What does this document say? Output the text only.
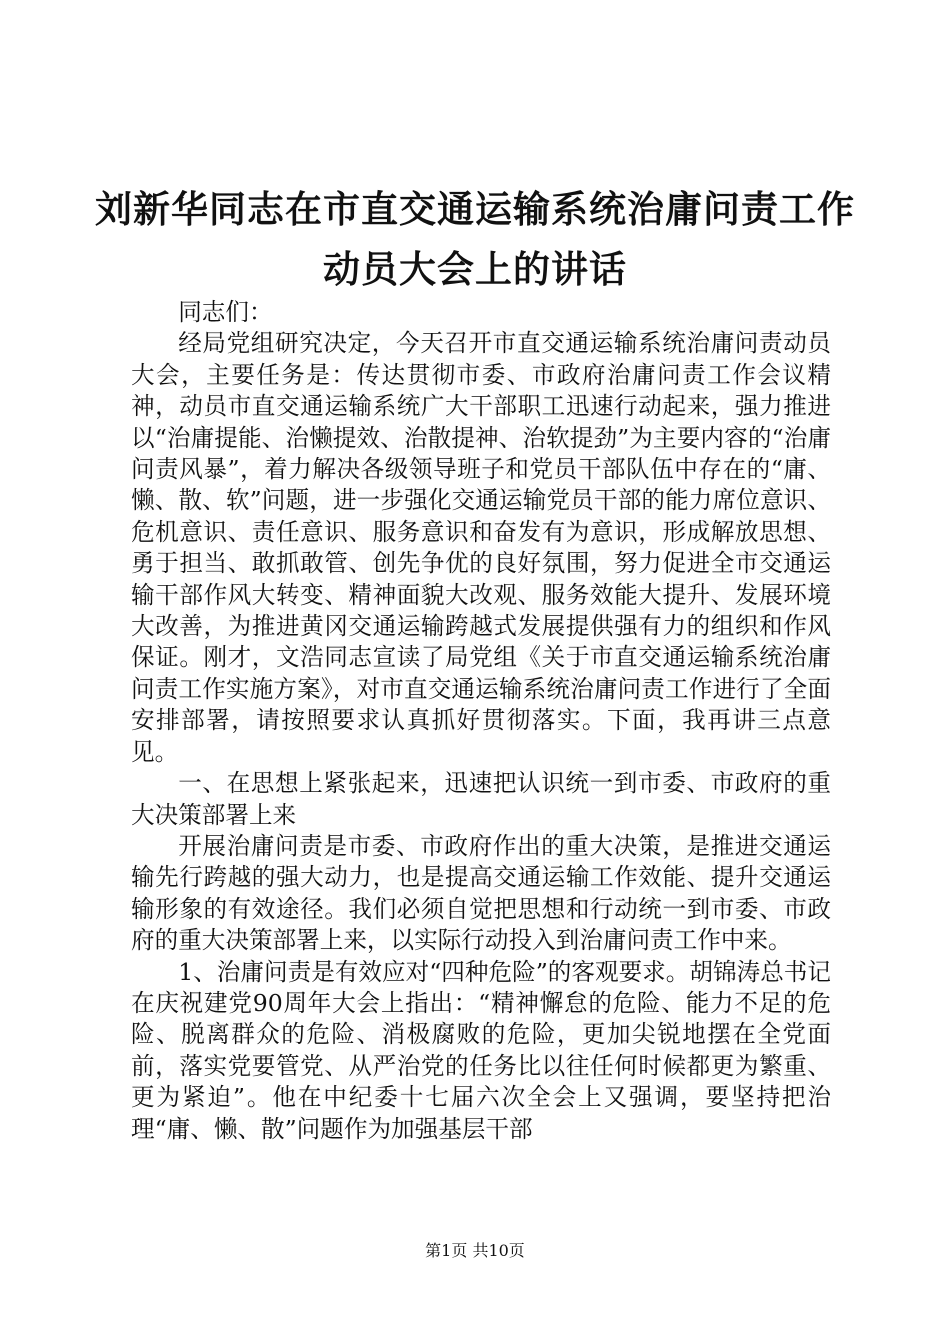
刘新华同志在市直交通运输系统治庸问责工作
动员大会上的讲话

同志们：

经局党组研究决定，今天召开市直交通运输系统治庸问责动员大会，主要任务是：传达贯彻市委、市政府治庸问责工作会议精神，动员市直交通运输系统广大干部职工迅速行动起来，强力推进以“治庸提能、治懒提效、治散提神、治软提劲”为主要内容的“治庸问责风暴”，着力解决各级领导班子和党员干部队伍中存在的“庸、懒、散、软”问题，进一步强化交通运输党员干部的能力席位意识、危机意识、责任意识、服务意识和奋发有为意识，形成解放思想、勇于担当、敢抓敢管、创先争优的良好氛围，努力促进全市交通运输干部作风大转变、精神面貌大改观、服务效能大提升、发展环境大改善，为推进黄冈交通运输跨越式发展提供强有力的组织和作风保证。刚才，文浩同志宣读了局党组《关于市直交通运输系统治庸问责工作实施方案》，对市直交通运输系统治庸问责工作进行了全面安排部署，请按照要求认真抓好贯彻落实。下面，我再讲三点意见。

一、在思想上紧张起来，迅速把认识统一到市委、市政府的重大决策部署上来

开展治庸问责是市委、市政府作出的重大决策，是推进交通运输先行跨越的强大动力，也是提高交通运输工作效能、提升交通运输形象的有效途径。我们必须自觉把思想和行动统一到市委、市政府的重大决策部署上来，以实际行动投入到治庸问责工作中来。

1、治庸问责是有效应对“四种危险”的客观要求。胡锦涛总书记在庆祝建党90周年大会上指出：“精神懈怠的危险、能力不足的危险、脱离群众的危险、消极腐败的危险，更加尖锐地摆在全党面前，落实党要管党、从严治党的任务比以往任何时候都更为繁重、更为紧迫”。他在中纪委十七届六次全会上又强调，要坚持把治理“庸、懒、散”问题作为加强基层干部

第1页 共10页
